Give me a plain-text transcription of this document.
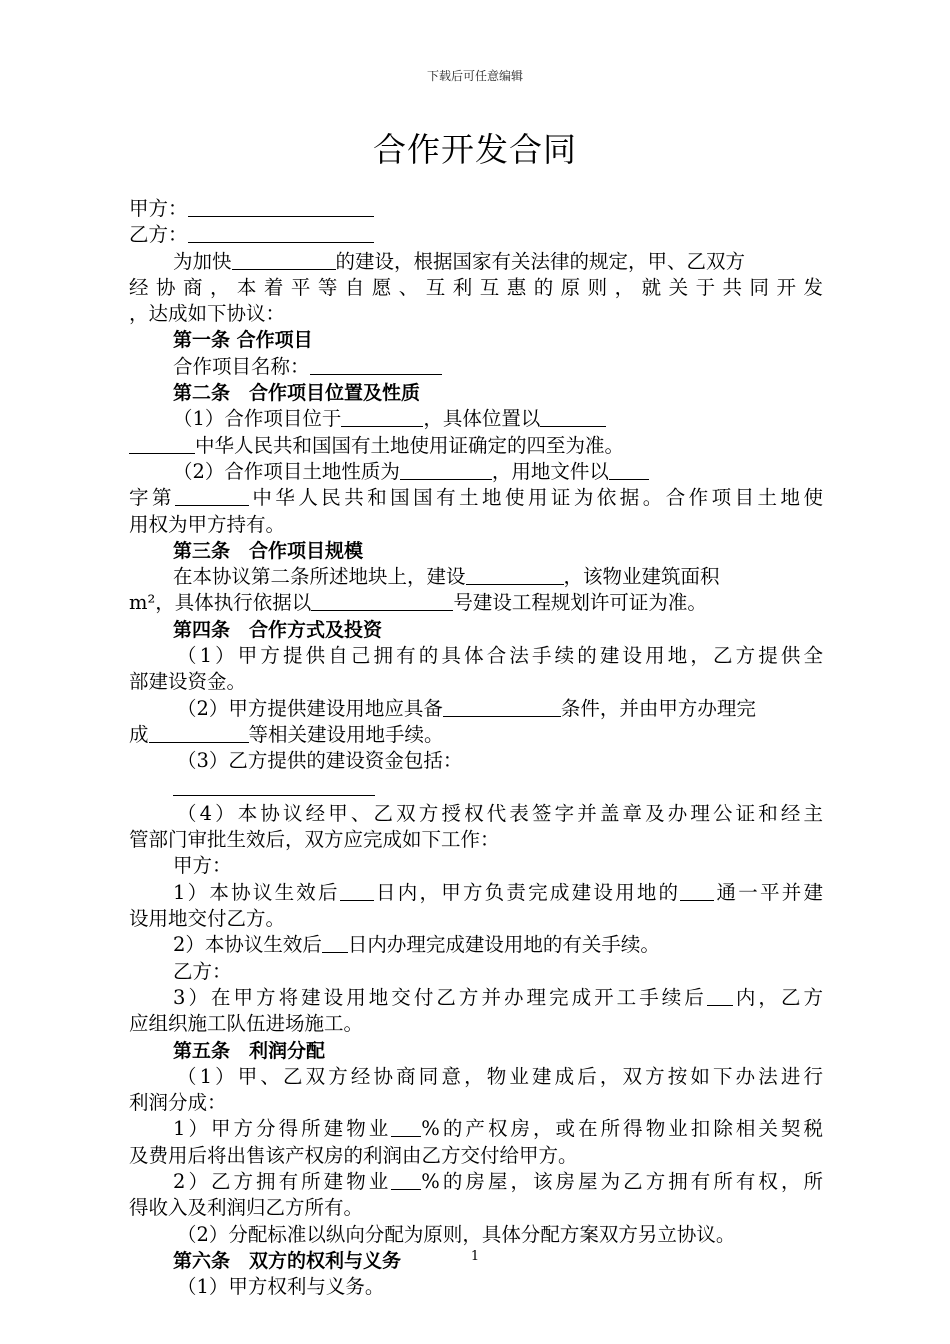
下载后可任意编辑
合作开发合同
甲方：
乙方：
为加快	的建设，根据国家有关法律的规定，甲、乙双方
经协商，本着平等自愿、互利互惠的原则，就关于共同开发
，达成如下协议：
第一条 合作项目
合作项目名称：
第二条　合作项目位置及性质
（1）合作项目位于	，具体位置以
中华人民共和国国有土地使用证确定的四至为准。
（2）合作项目土地性质为	，用地文件以
字第	中华人民共和国国有土地使用证为依据。合作项目土地使
用权为甲方持有。
第三条　合作项目规模
在本协议第二条所述地块上，建设	，该物业建筑面积
m²，具体执行依据以	号建设工程规划许可证为准。
第四条　合作方式及投资
（1）甲方提供自己拥有的具体合法手续的建设用地，乙方提供全
部建设资金。
（2）甲方提供建设用地应具备	条件，并由甲方办理完
成	等相关建设用地手续。
（3）乙方提供的建设资金包括：
（4）本协议经甲、乙双方授权代表签字并盖章及办理公证和经主
管部门审批生效后，双方应完成如下工作：
甲方：
1）本协议生效后 日内，甲方负责完成建设用地的 通一平并建
设用地交付乙方。
2）本协议生效后 日内办理完成建设用地的有关手续。
乙方：
3）在甲方将建设用地交付乙方并办理完成开工手续后 内，乙方
应组织施工队伍进场施工。
第五条　利润分配
（1）甲、乙双方经协商同意，物业建成后，双方按如下办法进行
利润分成：
1）甲方分得所建物业 %的产权房，或在所得物业扣除相关契税
及费用后将出售该产权房的利润由乙方交付给甲方。
2）乙方拥有所建物业 %的房屋，该房屋为乙方拥有所有权，所
得收入及利润归乙方所有。
（2）分配标准以纵向分配为原则，具体分配方案双方另立协议。
第六条　双方的权利与义务
（1）甲方权利与义务。
1
